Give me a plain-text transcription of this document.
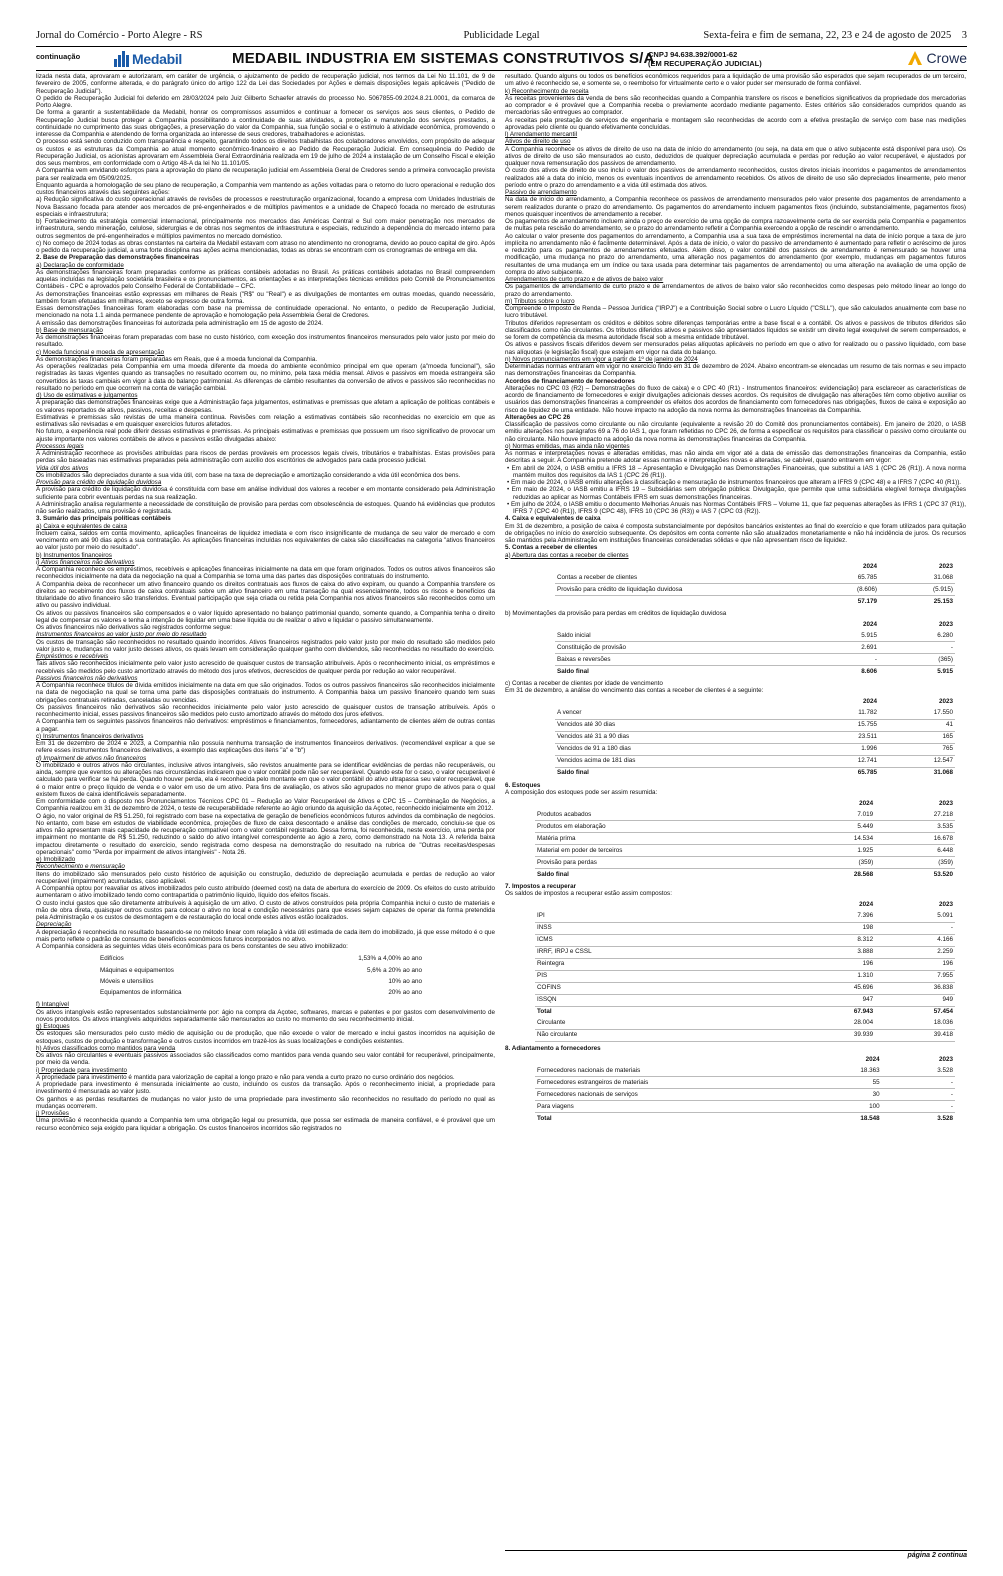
Jornal do Comércio - Porto Alegre - RS	Publicidade Legal	Sexta-feira e fim de semana, 22, 23 e 24 de agosto de 2025 3
continuação	Medabil	MEDABIL INDUSTRIA EM SISTEMAS CONSTRUTIVOS S/A
CNPJ 94.638.392/0001-62
(EM RECUPERAÇÃO JUDICIAL)	Crowe

lizada nesta data, aprovaram e autorizaram, em caráter de urgência, o ajuizamento de pedido de recuperação judicial, nos termos da Lei No 11.101, de 9 de fevereiro de 2005, conforme alterada, e do parágrafo único do artigo 122 da Lei das Sociedades por Ações e demais disposições legais aplicáveis ("Pedido de Recuperação Judicial").

O pedido de Recuperação Judicial foi deferido em 28/03/2024 pelo Juiz Gilberto Schaefer através do processo No. 5067855-09.2024.8.21.0001, da comarca de Porto Alegre.

De forma a garantir a sustentabilidade da Medabil, honrar os compromissos assumidos e continuar a fornecer os serviços aos seus clientes, o Pedido de Recuperação Judicial busca proteger a Companhia possibilitando a continuidade de suas atividades, a proteção e manutenção dos serviços prestados, a continuidade no cumprimento das suas obrigações, a preservação do valor da Companhia, sua função social e o estímulo à atividade econômica, promovendo o interesse da Companhia e atendendo de forma organizada ao interesse de seus credores, trabalhadores e acionistas.

O processo está sendo conduzido com transparência e respeito, garantindo todos os direitos trabalhistas dos colaboradores envolvidos, com propósito de adequar os custos e as estruturas da Companhia ao atual momento econômico-financeiro e ao Pedido de Recuperação Judicial. Em consequência do Pedido de Recuperação Judicial, os acionistas aprovaram em Assembleia Geral Extraordinária realizada em 19 de julho de 2024 a instalação de um Conselho Fiscal e eleição dos seus membros, em conformidade com o Artigo 48-A da lei No 11.101/05.

A Companhia vem envidando esforços para a aprovação do plano de recuperação judicial em Assembleia Geral de Credores sendo a primeira convocação prevista para ser realizada em 05/09/2025.

Enquanto aguarda a homologação de seu plano de recuperação, a Companhia vem mantendo as ações voltadas para o retorno do lucro operacional e redução dos custos financeiros através das seguintes ações:

a) Redução significativa do custo operacional através de revisões de processos e reestruturação organizacional, focando a empresa com Unidades Industriais de Nova Bassano focada para atender aos mercados de pré-engenheirados e de múltiplos pavimentos e a unidade de Chapecó focada no mercado de estruturas especiais e infraestrutura;

b) Fortalecimento da estratégia comercial internacional, principalmente nos mercados das Américas Central e Sul com maior penetração nos mercados de infraestrutura, sendo mineração, celulose, siderurgias e de obras nos segmentos de infraestrutura e especiais, reduzindo a dependência do mercado interno para outros segmentos de pré-engenheirados e múltiplos pavimentos no mercado doméstico.

c) No começo de 2024 todas as obras constantes na carteira da Medabil estavam com atraso no atendimento no cronograma, devido ao pouco capital de giro. Após o pedido da recuperação judicial, a uma forte disciplina nas ações acima mencionadas, todas as obras se encontram com os cronogramas de entrega em dia.

2. Base de Preparação das demonstrações financeiras

a) Declaração de conformidade

As demonstrações financeiras foram preparadas conforme as práticas contábeis adotadas no Brasil. As práticas contábeis adotadas no Brasil compreendem aquelas incluídas na legislação societária brasileira e os pronunciamentos, as orientações e as interpretações técnicas emitidos pelo Comitê de Pronunciamentos Contábeis - CPC e aprovados pelo Conselho Federal de Contabilidade – CFC.

As demonstrações financeiras estão expressas em milhares de Reais ("R$" ou "Real") e as divulgações de montantes em outras moedas, quando necessário, também foram efetuadas em milhares, exceto se expresso de outra forma.

Essas demonstrações financeiras foram elaboradas com base na premissa de continuidade operacional. No entanto, o pedido de Recuperação Judicial, mencionado na nota 1.1 ainda permanece pendente de aprovação e homologação pela Assembleia Geral de Credores.

A emissão das demonstrações financeiras foi autorizada pela administração em 15 de agosto de 2024.

b) Base de mensuração

As demonstrações financeiras foram preparadas com base no custo histórico, com exceção dos instrumentos financeiros mensurados pelo valor justo por meio do resultado.

c) Moeda funcional e moeda de apresentação

As demonstrações financeiras foram preparadas em Reais, que é a moeda funcional da Companhia.

As operações realizadas pela Companhia em uma moeda diferente da moeda do ambiente econômico principal em que operam (a"moeda funcional"), são registradas às taxas vigentes quando as transações no resultado ocorrem ou, no mínimo, pela taxa média mensal. Ativos e passivos em moeda estrangeira são convertidos às taxas cambiais em vigor à data do balanço patrimonial. As diferenças de câmbio resultantes da conversão de ativos e passivos são reconhecidas no resultado no período em que ocorrem na conta de variação cambial.

d) Uso de estimativas e julgamentos

A preparação das demonstrações financeiras exige que a Administração faça julgamentos, estimativas e premissas que afetam a aplicação de políticas contábeis e os valores reportados de ativos, passivos, receitas e despesas.

Estimativas e premissas são revistas de uma maneira contínua. Revisões com relação a estimativas contábeis são reconhecidas no exercício em que as estimativas são revisadas e em quaisquer exercícios futuros afetados.

No futuro, a experiência real pode diferir dessas estimativas e premissas. As principais estimativas e premissas que possuem um risco significativo de provocar um ajuste importante nos valores contábeis de ativos e passivos estão divulgadas abaixo:

Processos legais

A Administração reconhece as provisões atribuídas para riscos de perdas prováveis em processos legais cíveis, tributários e trabalhistas. Estas provisões para perdas são baseadas nas estimativas preparadas pela administração com auxílio dos escritórios de advogados para cada processo judicial.

Vida útil dos ativos

Os imobilizados são depreciados durante a sua vida útil, com base na taxa de depreciação e amortização considerando a vida útil econômica dos bens.

Provisão para crédito de liquidação duvidosa

A provisão para crédito de liquidação duvidosa é constituída com base em análise individual dos valores a receber e em montante considerado pela Administração suficiente para cobrir eventuais perdas na sua realização.

A Administração analisa regularmente a necessidade de constituição de provisão para perdas com obsolescência de estoques. Quando há evidências que produtos não serão realizados, uma provisão é registrada.

3. Sumário das principais políticas contábeis

a) Caixa e equivalentes de caixa

Incluem caixa, saldos em conta movimento, aplicações financeiras de liquidez imediata e com risco insignificante de mudança de seu valor de mercado e com vencimento em até 90 dias após a sua contratação. As aplicações financeiras incluídas nos equivalentes de caixa são classificadas na categoria "ativos financeiros ao valor justo por meio do resultado".

b) Instrumentos financeiros

i) Ativos financeiros não derivativos

A Companhia reconhece os empréstimos, recebíveis e aplicações financeiras inicialmente na data em que foram originados. Todos os outros ativos financeiros são reconhecidos inicialmente na data da negociação na qual a Companhia se torna uma das partes das disposições contratuais do instrumento.

A Companhia deixa de reconhecer um ativo financeiro quando os direitos contratuais aos fluxos de caixa do ativo expiram, ou quando a Companhia transfere os direitos ao recebimento dos fluxos de caixa contratuais sobre um ativo financeiro em uma transação na qual essencialmente, todos os riscos e benefícios da titularidade do ativo financeiro são transferidos. Eventual participação que seja criada ou retida pela Companhia nos ativos financeiros são reconhecidos como um ativo ou passivo individual.

Os ativos ou passivos financeiros são compensados e o valor líquido apresentado no balanço patrimonial quando, somente quando, a Companhia tenha o direito legal de compensar os valores e tenha a intenção de liquidar em uma base líquida ou de realizar o ativo e liquidar o passivo simultaneamente.

Os ativos financeiros não derivativos são registrados conforme segue:

Instrumentos financeiros ao valor justo por meio do resultado

Os custos de transação são reconhecidos no resultado quando incorridos. Ativos financeiros registrados pelo valor justo por meio do resultado são medidos pelo valor justo e, mudanças no valor justo desses ativos, os quais levam em consideração qualquer ganho com dividendos, são reconhecidas no resultado do exercício.

Empréstimos e recebíveis

Tais ativos são reconhecidos inicialmente pelo valor justo acrescido de quaisquer custos de transação atribuíveis. Após o reconhecimento inicial, os empréstimos e recebíveis são medidos pelo custo amortizado através do método dos juros efetivos, decrescidos de qualquer perda por redução ao valor recuperável.

Passivos financeiros não derivativos

A Companhia reconhece títulos de dívida emitidos inicialmente na data em que são originados. Todos os outros passivos financeiros são reconhecidos inicialmente na data de negociação na qual se torna uma parte das disposições contratuais do instrumento. A Companhia baixa um passivo financeiro quando tem suas obrigações contratuais retiradas, canceladas ou vencidas.

Os passivos financeiros não derivativos são reconhecidos inicialmente pelo valor justo acrescido de quaisquer custos de transação atribuíveis. Após o reconhecimento inicial, esses passivos financeiros são medidos pelo custo amortizado através do método dos juros efetivos.

A Companhia tem os seguintes passivos financeiros não derivativos: empréstimos e financiamentos, fornecedores, adiantamento de clientes além de outras contas a pagar.

c) Instrumentos financeiros derivativos

Em 31 de dezembro de 2024 e 2023, a Companhia não possuía nenhuma transação de instrumentos financeiros derivativos. (recomendável explicar a que se refere esses instrumentos financeiros derivativos, a exemplo das explicações dos itens "a" e "b")

d) Impairment de ativos não financeiros

O imobilizado e outros ativos não circulantes, inclusive ativos intangíveis, são revistos anualmente para se identificar evidências de perdas não recuperáveis, ou ainda, sempre que eventos ou alterações nas circunstâncias indicarem que o valor contábil pode não ser recuperável. Quando este for o caso, o valor recuperável é calculado para verificar se há perda. Quando houver perda, ela é reconhecida pelo montante em que o valor contábil do ativo ultrapassa seu valor recuperável, que é o maior entre o preço líquido de venda e o valor em uso de um ativo. Para fins de avaliação, os ativos são agrupados no menor grupo de ativos para o qual existem fluxos de caixa identificáveis separadamente.

Em conformidade com o disposto nos Pronunciamentos Técnicos CPC 01 – Redução ao Valor Recuperável de Ativos e CPC 15 – Combinação de Negócios, a Companhia realizou em 31 de dezembro de 2024, o teste de recuperabilidade referente ao ágio oriundo da aquisição da Açotec, reconhecido inicialmente em 2012.

O ágio, no valor original de R$ 51.250, foi registrado com base na expectativa de geração de benefícios econômicos futuros advindos da combinação de negócios. No entanto, com base em estudos de viabilidade econômica, projeções de fluxo de caixa descontado e análise das condições de mercado, concluiu-se que os ativos não apresentam mais capacidade de recuperação compatível com o valor contábil registrado. Dessa forma, foi reconhecida, neste exercício, uma perda por impairment no montante de R$ 51.250, reduzindo o saldo do ativo intangível correspondente ao ágio a zero, como demonstrado na Nota 13. A referida baixa impactou diretamente o resultado do exercício, sendo registrada como despesa na demonstração do resultado na rubrica de "Outras receitas/despesas operacionais" como "Perda por impairment de ativos intangíveis" - Nota 26.

e) Imobilizado

Reconhecimento e mensuração

Itens do imobilizado são mensurados pelo custo histórico de aquisição ou construção, deduzido de depreciação acumulada e perdas de redução ao valor recuperável (impairment) acumuladas, caso aplicável.

A Companhia optou por reavaliar os ativos imobilizados pelo custo atribuído (deemed cost) na data de abertura do exercício de 2009. Os efeitos do custo atribuído aumentaram o ativo imobilizado tendo como contrapartida o patrimônio líquido, líquido dos efeitos fiscais.

O custo inclui gastos que são diretamente atribuíveis à aquisição de um ativo. O custo de ativos construídos pela própria Companhia inclui o custo de materiais e mão de obra direta, quaisquer outros custos para colocar o ativo no local e condição necessários para que esses sejam capazes de operar da forma pretendida pela Administração e os custos de desmontagem e de restauração do local onde estes ativos estão localizados.

Depreciação

A depreciação é reconhecida no resultado baseando-se no método linear com relação à vida útil estimada de cada item do imobilizado, já que esse método é o que mais perto reflete o padrão de consumo de benefícios econômicos futuros incorporados no ativo.

A Companhia considera as seguintes vidas úteis econômicas para os bens constantes de seu ativo imobilizado:

Edifícios	1,53% a 4,00% ao ano
Máquinas e equipamentos	5,6% a 20% ao ano
Móveis e utensílios	10% ao ano
Equipamentos de informática	20% ao ano

f) Intangível

Os ativos intangíveis estão representados substancialmente por: ágio na compra da Açotec, softwares, marcas e patentes e por gastos com desenvolvimento de novos produtos. Os ativos intangíveis adquiridos separadamente são mensurados ao custo no momento do seu reconhecimento inicial.

g) Estoques

Os estoques são mensurados pelo custo médio de aquisição ou de produção, que não excede o valor de mercado e inclui gastos incorridos na aquisição de estoques, custos de produção e transformação e outros custos incorridos em trazê-los às suas localizações e condições existentes.

h) Ativos classificados como mantidos para venda

Os ativos não circulantes e eventuais passivos associados são classificados como mantidos para venda quando seu valor contábil for recuperável, principalmente, por meio da venda.

i) Propriedade para investimento

A propriedade para investimento é mantida para valorização de capital a longo prazo e não para venda a curto prazo no curso ordinário dos negócios.

A propriedade para investimento é mensurada inicialmente ao custo, incluindo os custos da transação. Após o reconhecimento inicial, a propriedade para investimento é mensurada ao valor justo.

Os ganhos e as perdas resultantes de mudanças no valor justo de uma propriedade para investimento são reconhecidos no resultado do período no qual as mudanças ocorrerem.

j) Provisões

Uma provisão é reconhecida quando a Companhia tem uma obrigação legal ou presumida, que possa ser estimada de maneira confiável, e é provável que um recurso econômico seja exigido para liquidar a obrigação. Os custos financeiros incorridos são registrados no

resultado. Quando alguns ou todos os benefícios econômicos requeridos para a liquidação de uma provisão são esperados que sejam recuperados de um terceiro, um ativo é reconhecido se, e somente se, o reembolso for virtualmente certo e o valor puder ser mensurado de forma confiável.

k) Reconhecimento de receita

As receitas provenientes da venda de bens são reconhecidas quando a Companhia transfere os riscos e benefícios significativos da propriedade dos mercadorias ao comprador e é provável que a Companhia receba o previamente acordado mediante pagamento. Estes critérios são considerados cumpridos quando as mercadorias são entregues ao comprador.

As receitas pela prestação de serviços de engenharia e montagem são reconhecidas de acordo com a efetiva prestação de serviço com base nas medições aprovadas pelo cliente ou quando efetivamente concluídas.

l) Arrendamento mercantil

Ativos de direito de uso

A Companhia reconhece os ativos de direito de uso na data de início do arrendamento (ou seja, na data em que o ativo subjacente está disponível para uso). Os ativos de direito de uso são mensurados ao custo, deduzidos de qualquer depreciação acumulada e perdas por redução ao valor recuperável, e ajustados por qualquer nova remensuração dos passivos de arrendamento.

O custo dos ativos de direito de uso inclui o valor dos passivos de arrendamento reconhecidos, custos diretos iniciais incorridos e pagamentos de arrendamentos realizados até a data do início, menos os eventuais incentivos de arrendamento recebidos. Os ativos de direito de uso são depreciados linearmente, pelo menor período entre o prazo do arrendamento e a vida útil estimada dos ativos.

Passivo de arrendamento

Na data de início do arrendamento, a Companhia reconhece os passivos de arrendamento mensurados pelo valor presente dos pagamentos de arrendamento a serem realizados durante o prazo do arrendamento. Os pagamentos do arrendamento incluem pagamentos fixos (incluindo, substancialmente, pagamentos fixos) menos quaisquer incentivos de arrendamento a receber.

Os pagamentos de arrendamento incluem ainda o preço de exercício de uma opção de compra razoavelmente certa de ser exercida pela Companhia e pagamentos de multas pela rescisão do arrendamento, se o prazo do arrendamento refletir a Companhia exercendo a opção de rescindir o arrendamento.

Ao calcular o valor presente dos pagamentos do arrendamento, a Companhia usa a sua taxa de empréstimos incremental na data de início porque a taxa de juro implícita no arrendamento não é facilmente determinável. Após a data de início, o valor do passivo de arrendamento é aumentado para refletir o acréscimo de juros e reduzido para os pagamentos de arrendamentos efetuados. Além disso, o valor contábil dos passivos de arrendamento é remensurado se houver uma modificação, uma mudança no prazo do arrendamento, uma alteração nos pagamentos do arrendamento (por exemplo, mudanças em pagamentos futuros resultantes de uma mudança em um índice ou taxa usada para determinar tais pagamentos de arrendamento) ou uma alteração na avaliação de uma opção de compra do ativo subjacente.

Arrendamentos de curto prazo e de ativos de baixo valor

Os pagamentos de arrendamento de curto prazo e de arrendamentos de ativos de baixo valor são reconhecidos como despesas pelo método linear ao longo do prazo do arrendamento.

m) Tributos sobre o lucro

Compreende o Imposto de Renda – Pessoa Jurídica ("IRPJ") e a Contribuição Social sobre o Lucro Líquido ("CSLL"), que são calculados anualmente com base no lucro tributável.

Tributos diferidos representam os créditos e débitos sobre diferenças temporárias entre a base fiscal e a contábil. Os ativos e passivos de tributos diferidos são classificados como não circulantes. Os tributos diferidos ativos e passivos são apresentados líquidos se existir um direito legal exequível de serem compensados, e se forem de competência da mesma autoridade fiscal sob a mesma entidade tributável.

Os ativos e passivos fiscais diferidos devem ser mensurados pelas alíquotas aplicáveis no período em que o ativo for realizado ou o passivo liquidado, com base nas alíquotas (e legislação fiscal) que estejam em vigor na data do balanço.

n) Novos pronunciamentos em vigor a partir de 1º de janeiro de 2024

Determinadas normas entraram em vigor no exercício findo em 31 de dezembro de 2024. Abaixo encontram-se elencadas um resumo de tais normas e seu impacto nas demonstrações financeiras da Companhia.

Acordos de financiamento de fornecedores

Alterações no CPC 03 (R2) – Demonstrações do fluxo de caixa) e o CPC 40 (R1) - Instrumentos financeiros: evidenciação) para esclarecer as características de acordo de financiamento de fornecedores e exigir divulgações adicionais desses acordos. Os requisitos de divulgação nas alterações têm como objetivo auxiliar os usuários das demonstrações financeiras a compreender os efeitos dos acordos de financiamento com fornecedores nas obrigações, fluxos de caixa e exposição ao risco de liquidez de uma entidade. Não houve impacto na adoção da nova norma às demonstrações financeiras da Companhia.

Alterações ao CPC 26

Classificação de passivos como circulante ou não circulante (equivalente a revisão 20 do Comitê dos pronunciamentos contábeis). Em janeiro de 2020, o IASB emitiu alterações nos parágrafos 69 a 76 do IAS 1, que foram refletidas no CPC 26, de forma a especificar os requisitos para classificar o passivo como circulante ou não circulante. Não houve impacto na adoção da nova norma às demonstrações financeiras da Companhia.

o) Normas emitidas, mas ainda não vigentes

As normas e interpretações novas e alteradas emitidas, mas não ainda em vigor até a data de emissão das demonstrações financeiras da Companhia, estão descritas a seguir. A Companhia pretende adotar essas normas e interpretações novas e alteradas, se cabível, quando entrarem em vigor:

• Em abril de 2024, o IASB emitiu a IFRS 18 – Apresentação e Divulgação nas Demonstrações Financeiras, que substitui a IAS 1 (CPC 26 (R1)). A nova norma mantém muitos dos requisitos da IAS 1 (CPC 26 (R1)).

• Em maio de 2024, o IASB emitiu alterações à classificação e mensuração de instrumentos financeiros que alteram a IFRS 9 (CPC 48) e a IFRS 7 (CPC 40 (R1)).

• Em maio de 2024, o IASB emitiu a IFRS 19 – Subsidiárias sem obrigação pública: Divulgação, que permite que uma subsidiária elegível forneça divulgações reduzidas ao aplicar as Normas Contábeis IFRS em suas demonstrações financeiras.

• Em julho de 2024, o IASB emitiu o documento Melhorias Anuais nas Normas Contábeis IFRS – Volume 11, que faz pequenas alterações às IFRS 1 (CPC 37 (R1)), IFRS 7 (CPC 40 (R1)), IFRS 9 (CPC 48), IFRS 10 (CPC 36 (R3)) e IAS 7 (CPC 03 (R2)).

4. Caixa e equivalentes de caixa

Em 31 de dezembro, a posição de caixa é composta substancialmente por depósitos bancários existentes ao final do exercício e que foram utilizados para quitação de obrigações no início do exercício subsequente. Os depósitos em conta corrente não são atualizados monetariamente e não há incidência de juros. Os recursos são mantidos pela Administração em instituições financeiras consideradas sólidas e que não apresentam risco de liquidez.

5. Contas a receber de clientes

a) Abertura das contas a receber de clientes

	2024	2023
Contas a receber de clientes	65.785	31.068
Provisão para crédito de liquidação duvidosa	(8.606)	(5.915)
	57.179	25.153

b) Movimentações da provisão para perdas em créditos de liquidação duvidosa

	2024	2023
Saldo inicial	5.915	6.280
Constituição de provisão	2.691	-
Baixas e reversões	-	(365)
Saldo final	8.606	5.915

c) Contas a receber de clientes por idade de vencimento

Em 31 de dezembro, a análise do vencimento das contas a receber de clientes é a seguinte:

	2024	2023
A vencer	11.782	17.550
Vencidos até 30 dias	15.755	41
Vencidos até 31 a 90 dias	23.511	165
Vencidos de 91 a 180 dias	1.996	765
Vencidos acima de 181 dias	12.741	12.547
Saldo final	65.785	31.068

6. Estoques

A composição dos estoques pode ser assim resumida:

	2024	2023
Produtos acabados	7.019	27.218
Produtos em elaboração	5.449	3.535
Matéria prima	14.534	16.678
Material em poder de terceiros	1.925	6.448
Provisão para perdas	(359)	(359)
Saldo final	28.568	53.520

7. Impostos a recuperar

Os saldos de impostos a recuperar estão assim compostos:

	2024	2023
IPI	7.396	5.091
INSS	198	-
ICMS	8.312	4.166
IRRF, IRPJ e CSSL	3.888	2.259
Reintegra	196	196
PIS	1.310	7.955
COFINS	45.696	36.838
ISSQN	947	949
Total	67.943	57.454
Circulante	28.004	18.036
Não circulante	39.939	39.418

8. Adiantamento a fornecedores

	2024	2023
Fornecedores nacionais de materiais	18.363	3.528
Fornecedores estrangeiros de materiais	55	-
Fornecedores nacionais de serviços	30	-
Para viagens	100	-
Total	18.548	3.528
página 2 continua
